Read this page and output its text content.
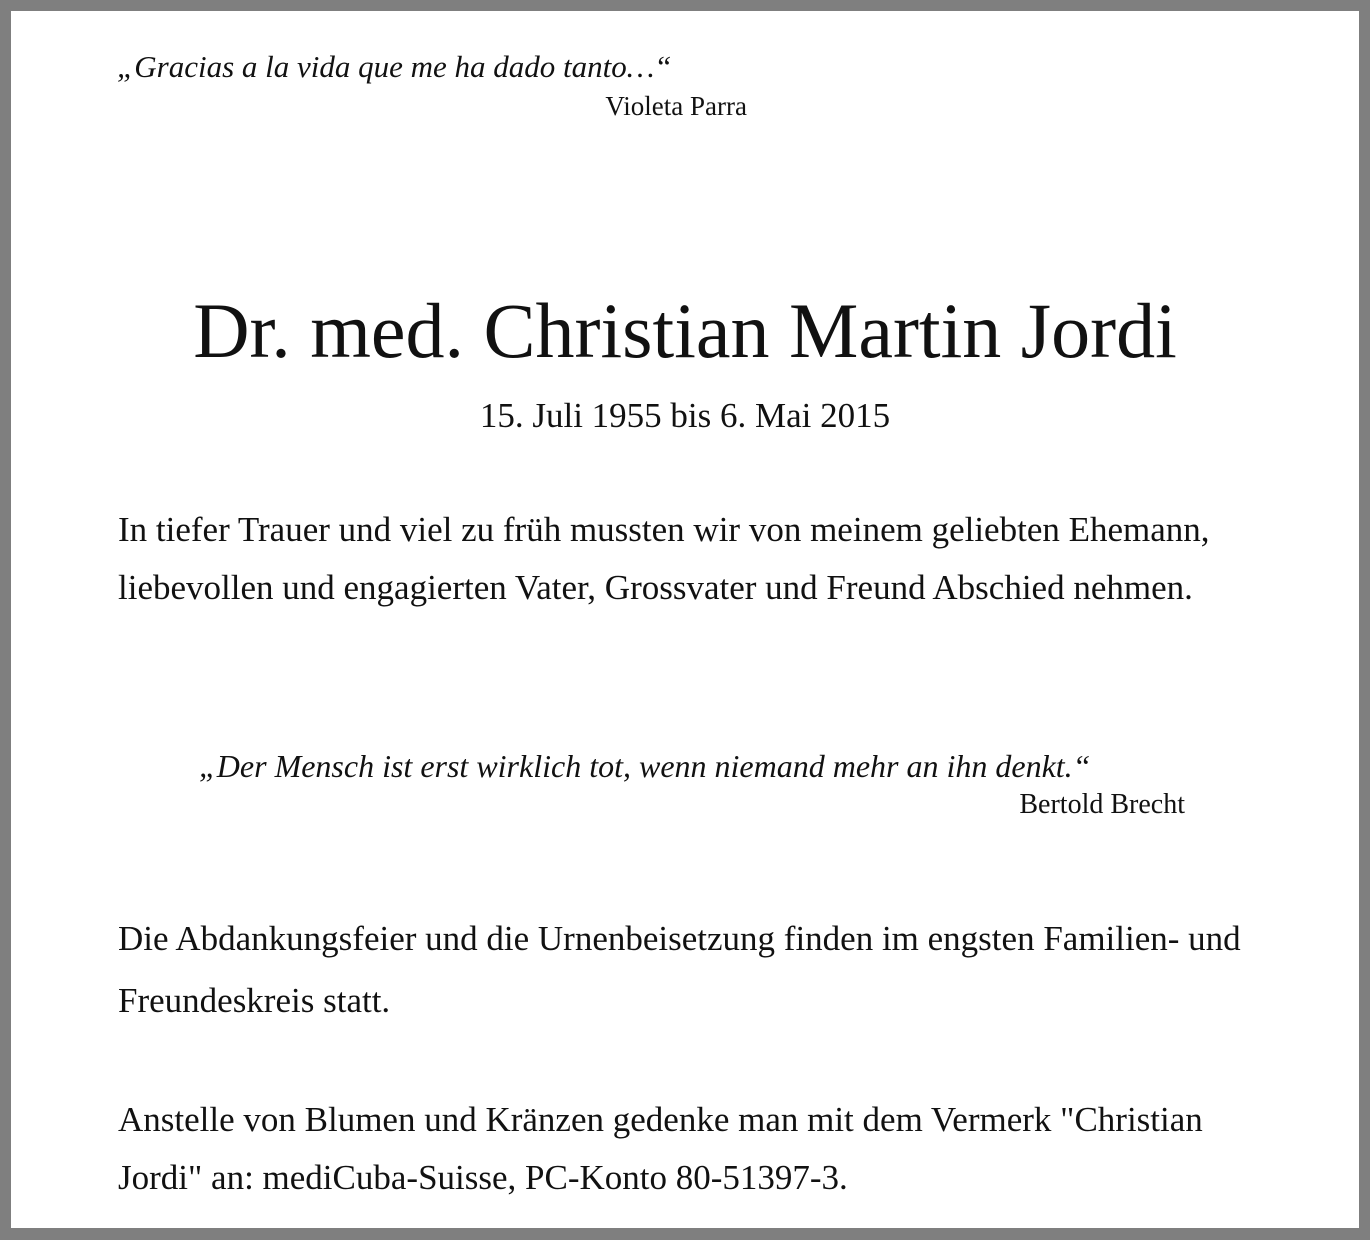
„Gracias a la vida que me ha dado tanto…“
Violeta Parra
Dr. med. Christian Martin Jordi
15. Juli 1955 bis 6. Mai 2015
In tiefer Trauer und viel zu früh mussten wir von meinem geliebten Ehemann, liebevollen und engagierten Vater, Grossvater und Freund Abschied nehmen.
„Der Mensch ist erst wirklich tot, wenn niemand mehr an ihn denkt.“
Bertold Brecht
Die Abdankungsfeier und die Urnenbeisetzung finden im engsten Familien- und Freundeskreis statt.
Anstelle von Blumen und Kränzen gedenke man mit dem Vermerk "Christian Jordi" an: mediCuba-Suisse, PC-Konto 80-51397-3.
